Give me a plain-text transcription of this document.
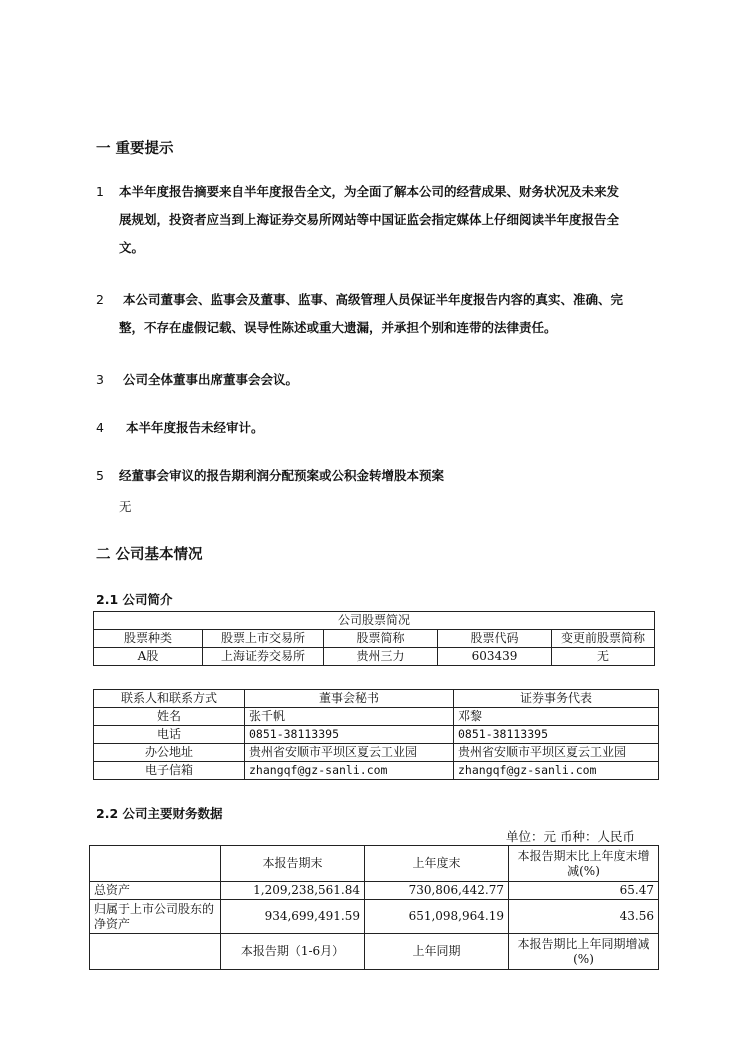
一 重要提示
1 本半年度报告摘要来自半年度报告全文，为全面了解本公司的经营成果、财务状况及未来发
展规划，投资者应当到上海证券交易所网站等中国证监会指定媒体上仔细阅读半年度报告全
文。
2 本公司董事会、监事会及董事、监事、高级管理人员保证半年度报告内容的真实、准确、完
整，不存在虚假记载、误导性陈述或重大遗漏，并承担个别和连带的法律责任。
3 公司全体董事出席董事会会议。
4 本半年度报告未经审计。
5 经董事会审议的报告期利润分配预案或公积金转增股本预案
无
二 公司基本情况
2.1 公司简介
公司股票简况				
股票种类	股票上市交易所	股票简称	股票代码	变更前股票简称
A股	上海证券交易所	贵州三力	603439	无
联系人和联系方式	董事会秘书	证券事务代表
姓名	张千帆	邓黎
电话	0851-38113395	0851-38113395
办公地址	贵州省安顺市平坝区夏云工业园	贵州省安顺市平坝区夏云工业园
电子信箱	zhangqf@gz-sanli.com	zhangqf@gz-sanli.com
2.2 公司主要财务数据
单位：元 币种：人民币
	本报告期末	上年度末	本报告期末比上年度末增减(%)
总资产	1,209,238,561.84	730,806,442.77	65.47
归属于上市公司股东的净资产	934,699,491.59	651,098,964.19	43.56
	本报告期（1-6月）	上年同期	本报告期比上年同期增减(%)
